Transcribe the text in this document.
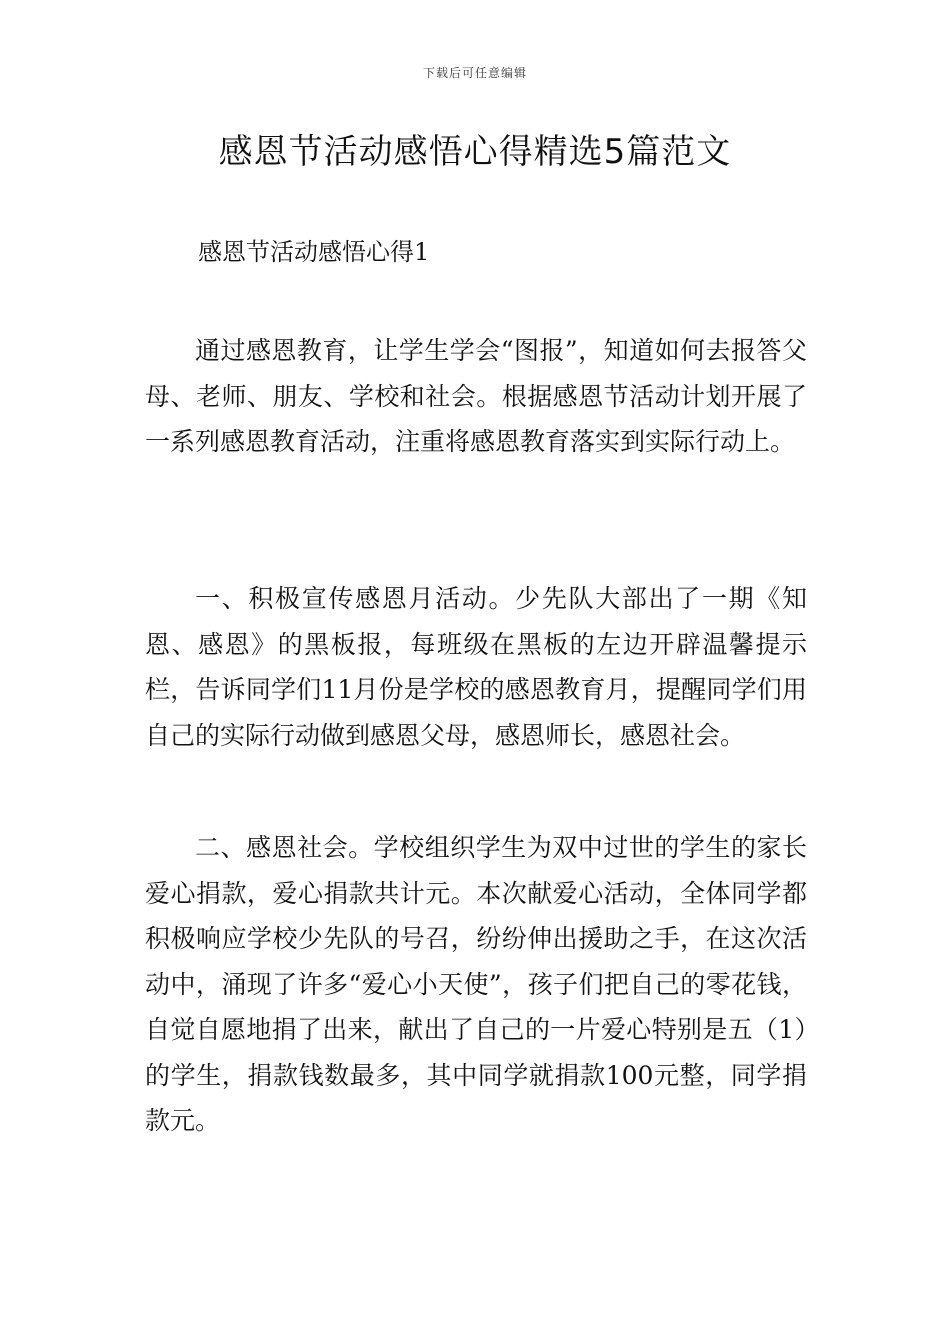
下载后可任意编辑
感恩节活动感悟心得精选5篇范文
感恩节活动感悟心得1

通过感恩教育，让学生学会“图报”，知道如何去报答父母、老师、朋友、学校和社会。根据感恩节活动计划开展了一系列感恩教育活动，注重将感恩教育落实到实际行动上。

一、积极宣传感恩月活动。少先队大部出了一期《知恩、感恩》的黑板报，每班级在黑板的左边开辟温馨提示栏，告诉同学们11月份是学校的感恩教育月，提醒同学们用自己的实际行动做到感恩父母，感恩师长，感恩社会。

二、感恩社会。学校组织学生为双中过世的学生的家长爱心捐款，爱心捐款共计元。本次献爱心活动，全体同学都积极响应学校少先队的号召，纷纷伸出援助之手，在这次活动中，涌现了许多“爱心小天使”，孩子们把自己的零花钱，自觉自愿地捐了出来，献出了自己的一片爱心特别是五（1）的学生，捐款钱数最多，其中同学就捐款100元整，同学捐款元。
